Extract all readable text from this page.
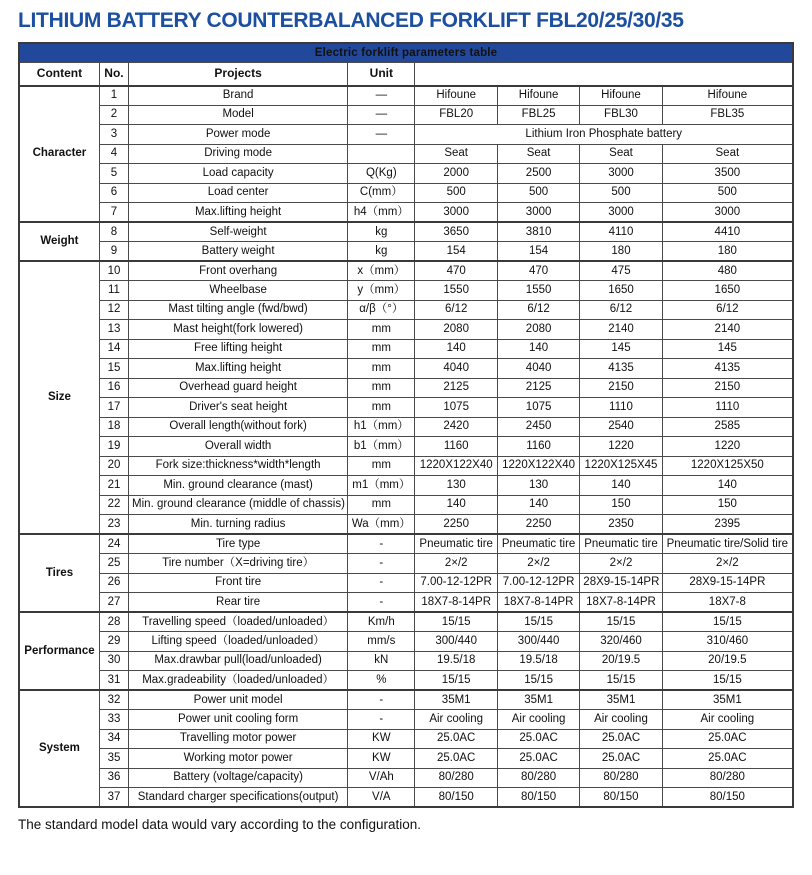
LITHIUM BATTERY COUNTERBALANCED FORKLIFT FBL20/25/30/35
Electric forklift parameters table							
Content	No.	Projects	Unit				
Character	1	Brand	—	Hifoune	Hifoune	Hifoune	Hifoune
	2	Model	—	FBL20	FBL25	FBL30	FBL35
	3	Power mode	—	Lithium Iron Phosphate battery			
	4	Driving mode		Seat	Seat	Seat	Seat
	5	Load capacity	Q(Kg)	2000	2500	3000	3500
	6	Load center	C(mm）	500	500	500	500
	7	Max.lifting height	h4（mm）	3000	3000	3000	3000
Weight	8	Self-weight	kg	3650	3810	4110	4410
	9	Battery weight	kg	154	154	180	180
Size	10	Front overhang	x（mm）	470	470	475	480
	11	Wheelbase	y（mm）	1550	1550	1650	1650
	12	Mast tilting angle (fwd/bwd)	α/β（°）	6/12	6/12	6/12	6/12
	13	Mast height(fork lowered)	mm	2080	2080	2140	2140
	14	Free lifting height	mm	140	140	145	145
	15	Max.lifting height	mm	4040	4040	4135	4135
	16	Overhead guard height	mm	2125	2125	2150	2150
	17	Driver's seat height	mm	1075	1075	1110	1110
	18	Overall length(without fork)	h1（mm）	2420	2450	2540	2585
	19	Overall width	b1（mm）	1160	1160	1220	1220
	20	Fork size:thickness*width*length	mm	1220X122X40	1220X122X40	1220X125X45	1220X125X50
	21	Min. ground clearance (mast)	m1（mm）	130	130	140	140
	22	Min. ground clearance (middle of chassis)	mm	140	140	150	150
	23	Min. turning radius	Wa（mm）	2250	2250	2350	2395
Tires	24	Tire type	-	Pneumatic tire	Pneumatic tire	Pneumatic tire	Pneumatic tire/Solid tire
	25	Tire number（X=driving tire）	-	2×/2	2×/2	2×/2	2×/2
	26	Front tire	-	7.00-12-12PR	7.00-12-12PR	28X9-15-14PR	28X9-15-14PR
	27	Rear tire	-	18X7-8-14PR	18X7-8-14PR	18X7-8-14PR	18X7-8
Performance	28	Travelling speed（loaded/unloaded）	Km/h	15/15	15/15	15/15	15/15
	29	Lifting speed（loaded/unloaded）	mm/s	300/440	300/440	320/460	310/460
	30	Max.drawbar pull(load/unloaded)	kN	19.5/18	19.5/18	20/19.5	20/19.5
	31	Max.gradeability（loaded/unloaded）	%	15/15	15/15	15/15	15/15
System	32	Power unit model	-	35M1	35M1	35M1	35M1
	33	Power unit cooling form	-	Air cooling	Air cooling	Air cooling	Air cooling
	34	Travelling motor power	KW	25.0AC	25.0AC	25.0AC	25.0AC
	35	Working motor power	KW	25.0AC	25.0AC	25.0AC	25.0AC
	36	Battery (voltage/capacity)	V/Ah	80/280	80/280	80/280	80/280
	37	Standard charger specifications(output)	V/A	80/150	80/150	80/150	80/150
The standard model data would vary according to the configuration.
